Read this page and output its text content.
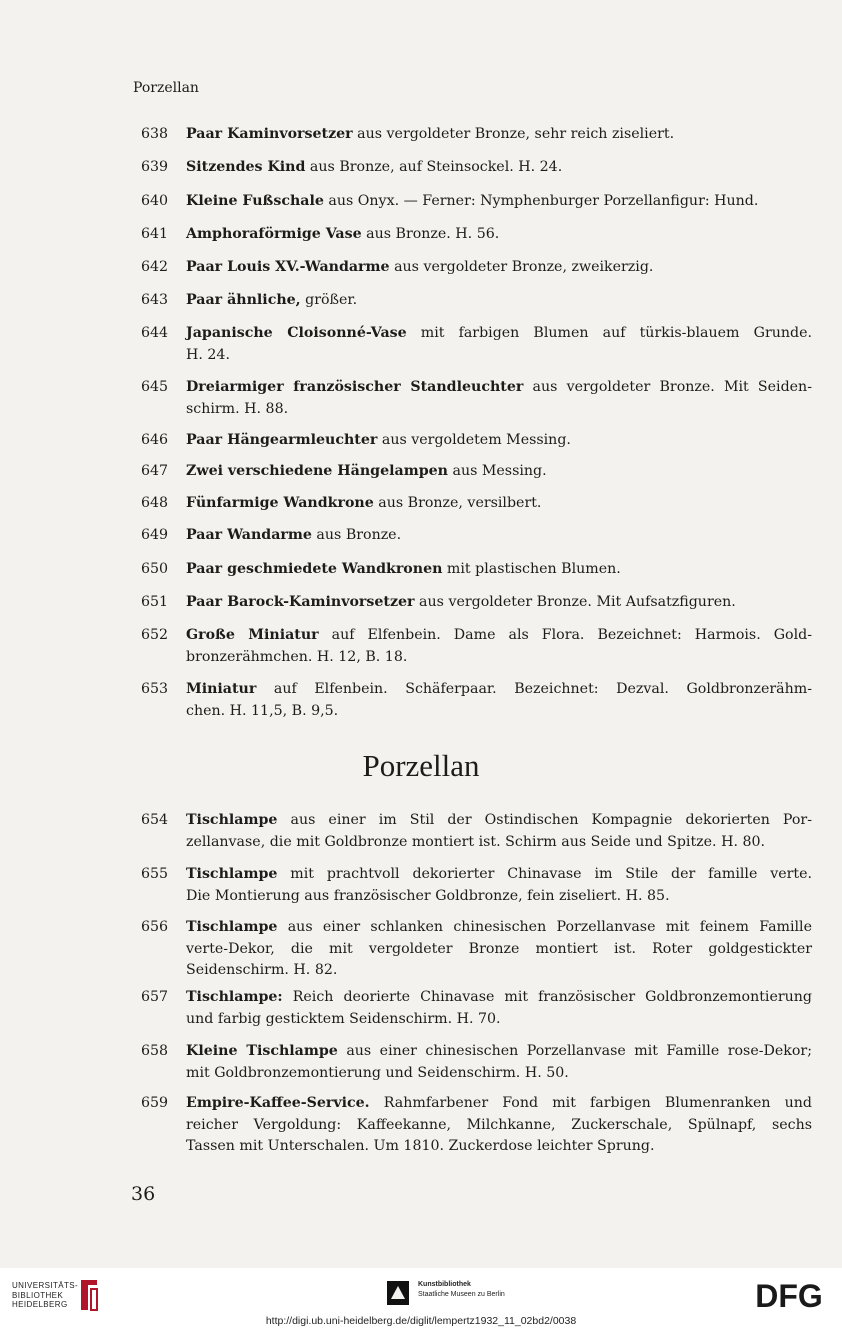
Porzellan
638 Paar Kaminvorsetzer aus vergoldeter Bronze, sehr reich ziseliert.
639 Sitzendes Kind aus Bronze, auf Steinsockel. H. 24.
640 Kleine Fußschale aus Onyx. — Ferner: Nymphenburger Porzellanfigur: Hund.
641 Amphoraförmige Vase aus Bronze. H. 56.
642 Paar Louis XV.-Wandarme aus vergoldeter Bronze, zweikerzig.
643 Paar ähnliche, größer.
644 Japanische Cloisonné-Vase mit farbigen Blumen auf türkis-blauem Grunde.
H. 24.
645 Dreiarmiger französischer Standleuchter aus vergoldeter Bronze. Mit Seiden-
schirm. H. 88.
646 Paar Hängearmleuchter aus vergoldetem Messing.
647 Zwei verschiedene Hängelampen aus Messing.
648 Fünfarmige Wandkrone aus Bronze, versilbert.
649 Paar Wandarme aus Bronze.
650 Paar geschmiedete Wandkronen mit plastischen Blumen.
651 Paar Barock-Kaminvorsetzer aus vergoldeter Bronze. Mit Aufsatzfiguren.
652 Große Miniatur auf Elfenbein. Dame als Flora. Bezeichnet: Harmois. Gold-
bronzerähmchen. H. 12, B. 18.
653 Miniatur auf Elfenbein. Schäferpaar. Bezeichnet: Dezval. Goldbronzerähm-
chen. H. 11,5, B. 9,5.
654 Tischlampe aus einer im Stil der Ostindischen Kompagnie dekorierten Por-
zellanvase, die mit Goldbronze montiert ist. Schirm aus Seide und Spitze. H. 80.
655 Tischlampe mit prachtvoll dekorierter Chinavase im Stile der famille verte.
Die Montierung aus französischer Goldbronze, fein ziseliert. H. 85.
656 Tischlampe aus einer schlanken chinesischen Porzellanvase mit feinem Famille
verte-Dekor, die mit vergoldeter Bronze montiert ist. Roter goldgestickter
Seidenschirm. H. 82.
657 Tischlampe: Reich deorierte Chinavase mit französischer Goldbronzemontierung
und farbig gesticktem Seidenschirm. H. 70.
658 Kleine Tischlampe aus einer chinesischen Porzellanvase mit Famille rose-Dekor;
mit Goldbronzemontierung und Seidenschirm. H. 50.
659 Empire-Kaffee-Service. Rahmfarbener Fond mit farbigen Blumenranken und
reicher Vergoldung: Kaffeekanne, Milchkanne, Zuckerschale, Spülnapf, sechs
Tassen mit Unterschalen. Um 1810. Zuckerdose leichter Sprung.
Porzellan
36
UNIVERSITÄTS-
BIBLIOTHEK
HEIDELBERG
Kunstbibliothek
Staatliche Museen zu Berlin	DFG
http://digi.ub.uni-heidelberg.de/diglit/lempertz1932_11_02bd2/0038
